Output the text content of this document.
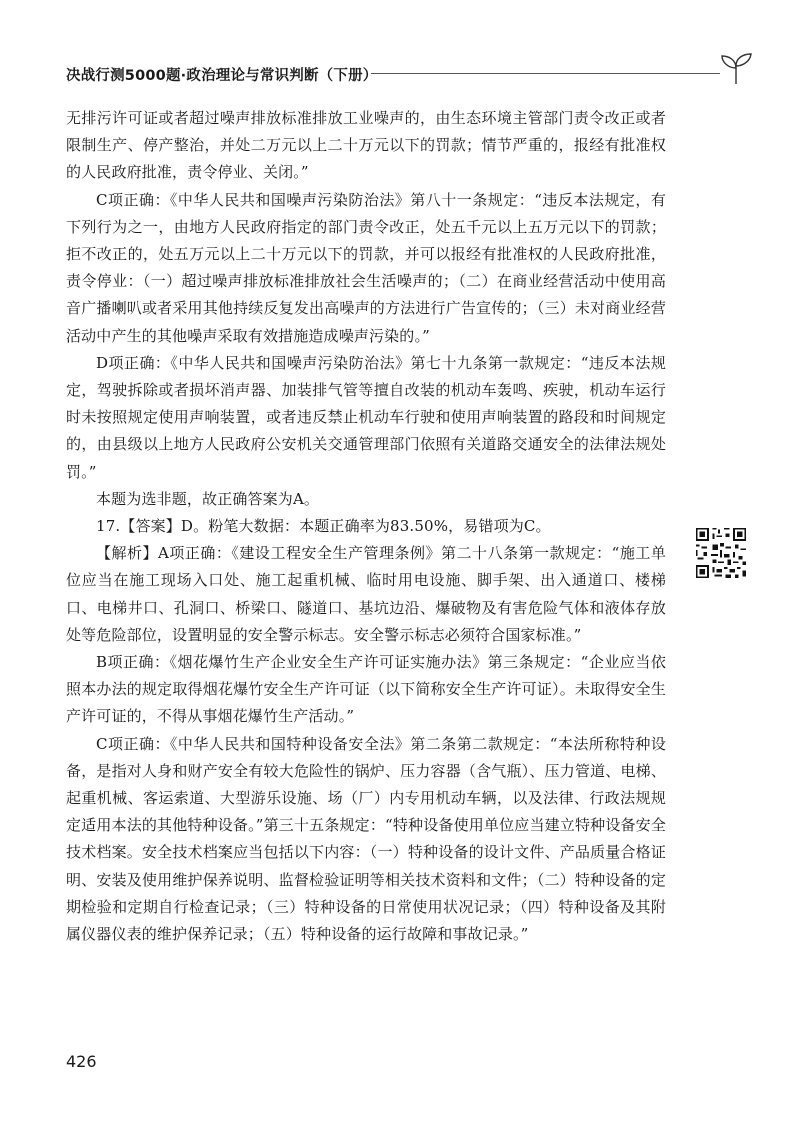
决战行测5000题·政治理论与常识判断（下册）

无排污许可证或者超过噪声排放标准排放工业噪声的，由生态环境主管部门责令改正或者限制生产、停产整治，并处二万元以上二十万元以下的罚款；情节严重的，报经有批准权的人民政府批准，责令停业、关闭。”

C项正确：《中华人民共和国噪声污染防治法》第八十一条规定：“违反本法规定，有下列行为之一，由地方人民政府指定的部门责令改正，处五千元以上五万元以下的罚款；拒不改正的，处五万元以上二十万元以下的罚款，并可以报经有批准权的人民政府批准，责令停业：（一）超过噪声排放标准排放社会生活噪声的；（二）在商业经营活动中使用高音广播喇叭或者采用其他持续反复发出高噪声的方法进行广告宣传的；（三）未对商业经营活动中产生的其他噪声采取有效措施造成噪声污染的。”

D项正确：《中华人民共和国噪声污染防治法》第七十九条第一款规定：“违反本法规定，驾驶拆除或者损坏消声器、加装排气管等擅自改装的机动车轰鸣、疾驶，机动车运行时未按照规定使用声响装置，或者违反禁止机动车行驶和使用声响装置的路段和时间规定的，由县级以上地方人民政府公安机关交通管理部门依照有关道路交通安全的法律法规处罚。”

本题为选非题，故正确答案为A。

17.【答案】D。粉笔大数据：本题正确率为83.50%，易错项为C。

【解析】A项正确：《建设工程安全生产管理条例》第二十八条第一款规定：“施工单位应当在施工现场入口处、施工起重机械、临时用电设施、脚手架、出入通道口、楼梯口、电梯井口、孔洞口、桥梁口、隧道口、基坑边沿、爆破物及有害危险气体和液体存放处等危险部位，设置明显的安全警示标志。安全警示标志必须符合国家标准。”

B项正确：《烟花爆竹生产企业安全生产许可证实施办法》第三条规定：“企业应当依照本办法的规定取得烟花爆竹安全生产许可证（以下简称安全生产许可证）。未取得安全生产许可证的，不得从事烟花爆竹生产活动。”

C项正确：《中华人民共和国特种设备安全法》第二条第二款规定：“本法所称特种设备，是指对人身和财产安全有较大危险性的锅炉、压力容器（含气瓶）、压力管道、电梯、起重机械、客运索道、大型游乐设施、场（厂）内专用机动车辆，以及法律、行政法规规定适用本法的其他特种设备。”第三十五条规定：“特种设备使用单位应当建立特种设备安全技术档案。安全技术档案应当包括以下内容：（一）特种设备的设计文件、产品质量合格证明、安装及使用维护保养说明、监督检验证明等相关技术资料和文件；（二）特种设备的定期检验和定期自行检查记录；（三）特种设备的日常使用状况记录；（四）特种设备及其附属仪器仪表的维护保养记录；（五）特种设备的运行故障和事故记录。”

426
